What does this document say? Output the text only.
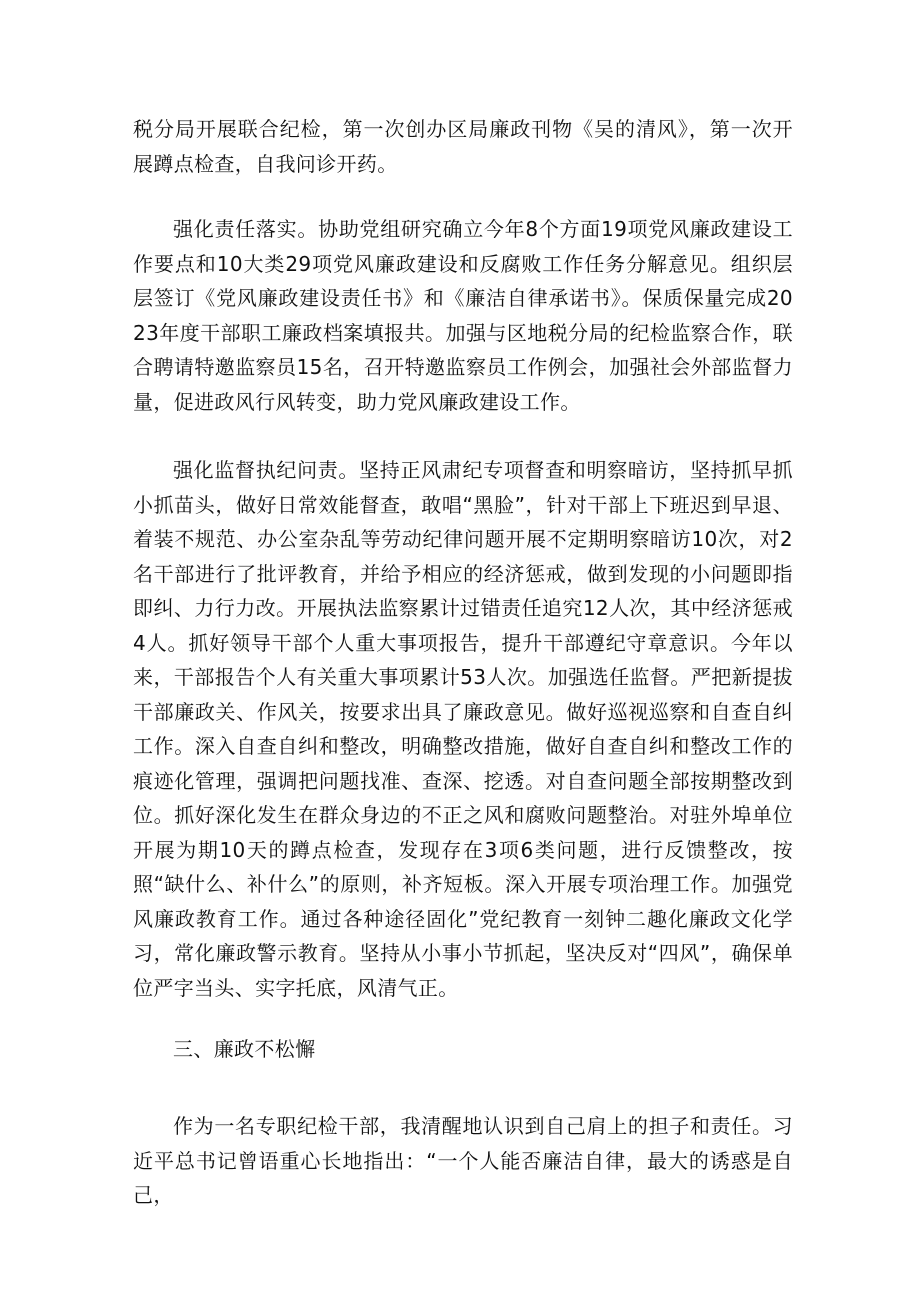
税分局开展联合纪检，第一次创办区局廉政刊物《吴的清风》，第一次开展蹲点检查，自我问诊开药。

强化责任落实。协助党组研究确立今年8个方面19项党风廉政建设工作要点和10大类29项党风廉政建设和反腐败工作任务分解意见。组织层层签订《党风廉政建设责任书》和《廉洁自律承诺书》。保质保量完成2023年度干部职工廉政档案填报共。加强与区地税分局的纪检监察合作，联合聘请特邀监察员15名，召开特邀监察员工作例会，加强社会外部监督力量，促进政风行风转变，助力党风廉政建设工作。

强化监督执纪问责。坚持正风肃纪专项督查和明察暗访，坚持抓早抓小抓苗头，做好日常效能督查，敢唱“黑脸”，针对干部上下班迟到早退、着装不规范、办公室杂乱等劳动纪律问题开展不定期明察暗访10次，对2名干部进行了批评教育，并给予相应的经济惩戒，做到发现的小问题即指即纠、力行力改。开展执法监察累计过错责任追究12人次，其中经济惩戒4人。抓好领导干部个人重大事项报告，提升干部遵纪守章意识。今年以来，干部报告个人有关重大事项累计53人次。加强选任监督。严把新提拔干部廉政关、作风关，按要求出具了廉政意见。做好巡视巡察和自查自纠工作。深入自查自纠和整改，明确整改措施，做好自查自纠和整改工作的痕迹化管理，强调把问题找准、查深、挖透。对自查问题全部按期整改到位。抓好深化发生在群众身边的不正之风和腐败问题整治。对驻外埠单位开展为期10天的蹲点检查，发现存在3项6类问题，进行反馈整改，按照“缺什么、补什么”的原则，补齐短板。深入开展专项治理工作。加强党风廉政教育工作。通过各种途径固化”党纪教育一刻钟二趣化廉政文化学习，常化廉政警示教育。坚持从小事小节抓起，坚决反对“四风”，确保单位严字当头、实字托底，风清气正。

三、廉政不松懈

作为一名专职纪检干部，我清醒地认识到自己肩上的担子和责任。习近平总书记曾语重心长地指出：“一个人能否廉洁自律，最大的诱惑是自己，
